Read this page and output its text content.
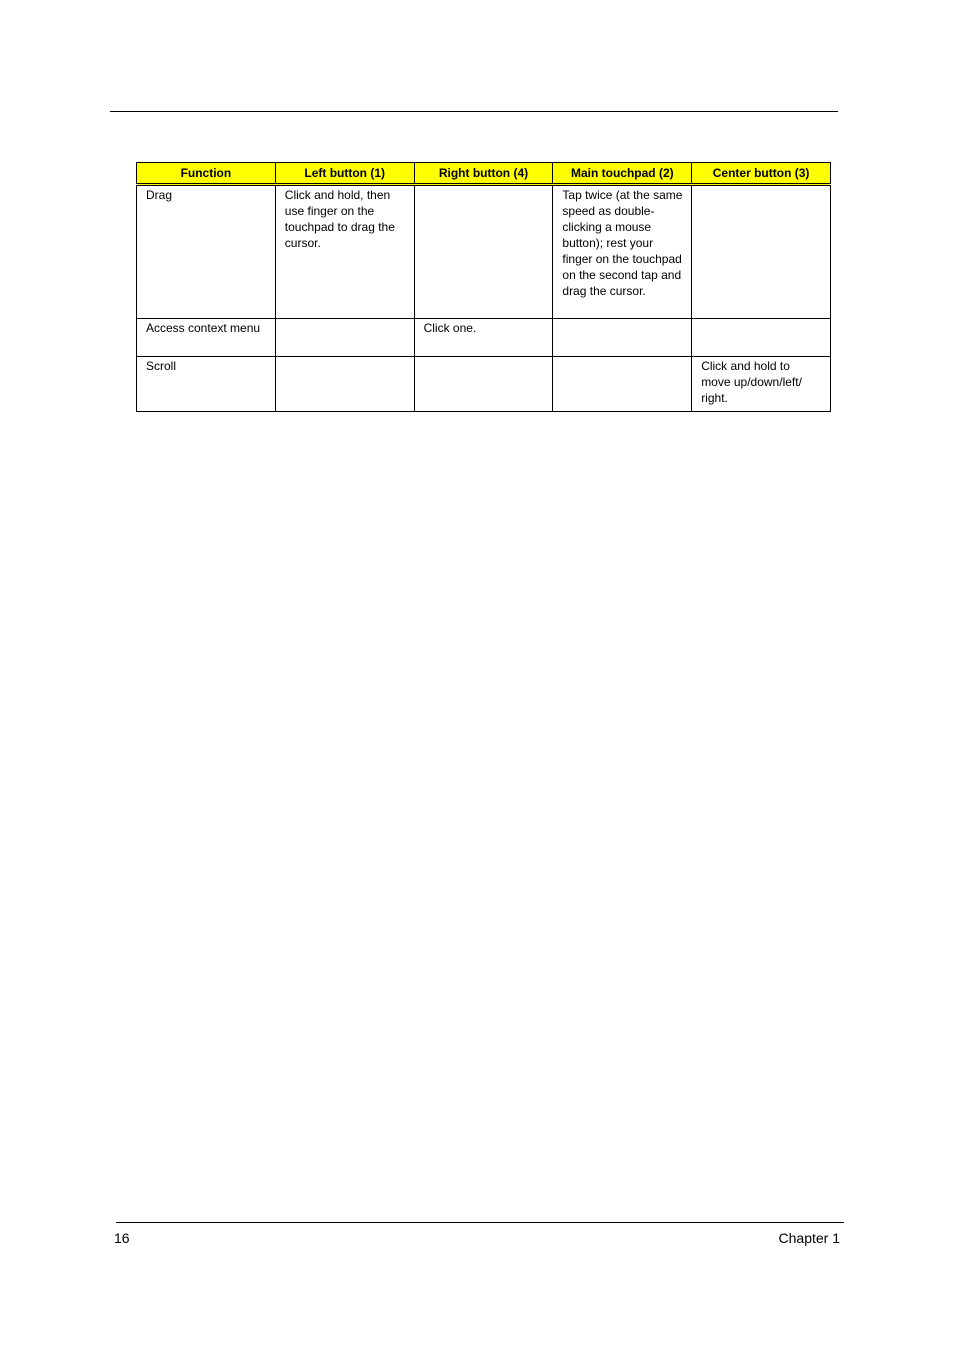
Function	Left button (1)	Right button (4)	Main touchpad (2)	Center button (3)
Drag	Click and hold, then use finger on the touchpad to drag the cursor.		Tap twice (at the same speed as double-clicking a mouse button); rest your finger on the touchpad on the second tap and drag the cursor.	
Access context menu		Click one.		
Scroll				Click and hold to move up/down/left/ right.
16	Chapter 1
